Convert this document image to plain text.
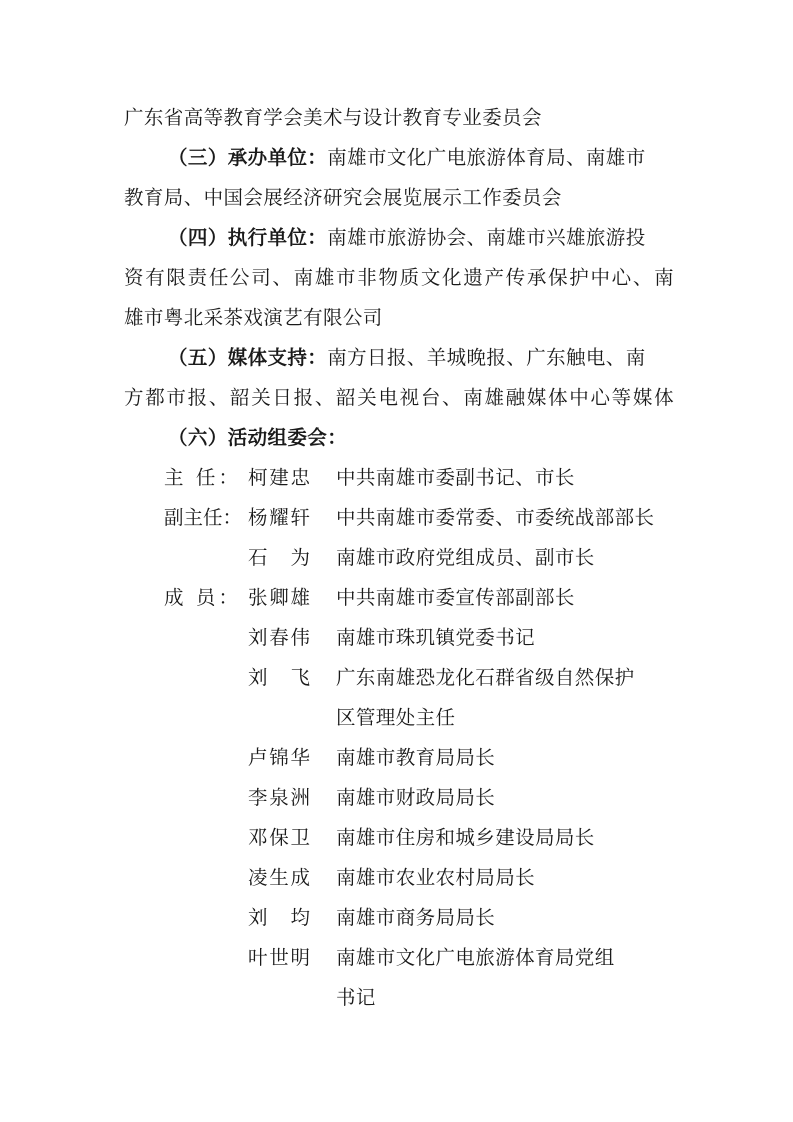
广东省高等教育学会美术与设计教育专业委员会
（三）承办单位：南雄市文化广电旅游体育局、南雄市
教育局、中国会展经济研究会展览展示工作委员会
（四）执行单位：南雄市旅游协会、南雄市兴雄旅游投
资有限责任公司、南雄市非物质文化遗产传承保护中心、南
雄市粤北采茶戏演艺有限公司
（五）媒体支持：南方日报、羊城晚报、广东触电、南
方都市报、韶关日报、韶关电视台、南雄融媒体中心等媒体
（六）活动组委会：
主 任： 柯建忠 中共南雄市委副书记、市长
副主任： 杨耀轩 中共南雄市委常委、市委统战部部长
石 为 南雄市政府党组成员、副市长
成 员： 张卿雄 中共南雄市委宣传部副部长
刘春伟 南雄市珠玑镇党委书记
刘 飞 广东南雄恐龙化石群省级自然保护
区管理处主任
卢锦华 南雄市教育局局长
李泉洲 南雄市财政局局长
邓保卫 南雄市住房和城乡建设局局长
凌生成 南雄市农业农村局局长
刘 均 南雄市商务局局长
叶世明 南雄市文化广电旅游体育局党组
书记
